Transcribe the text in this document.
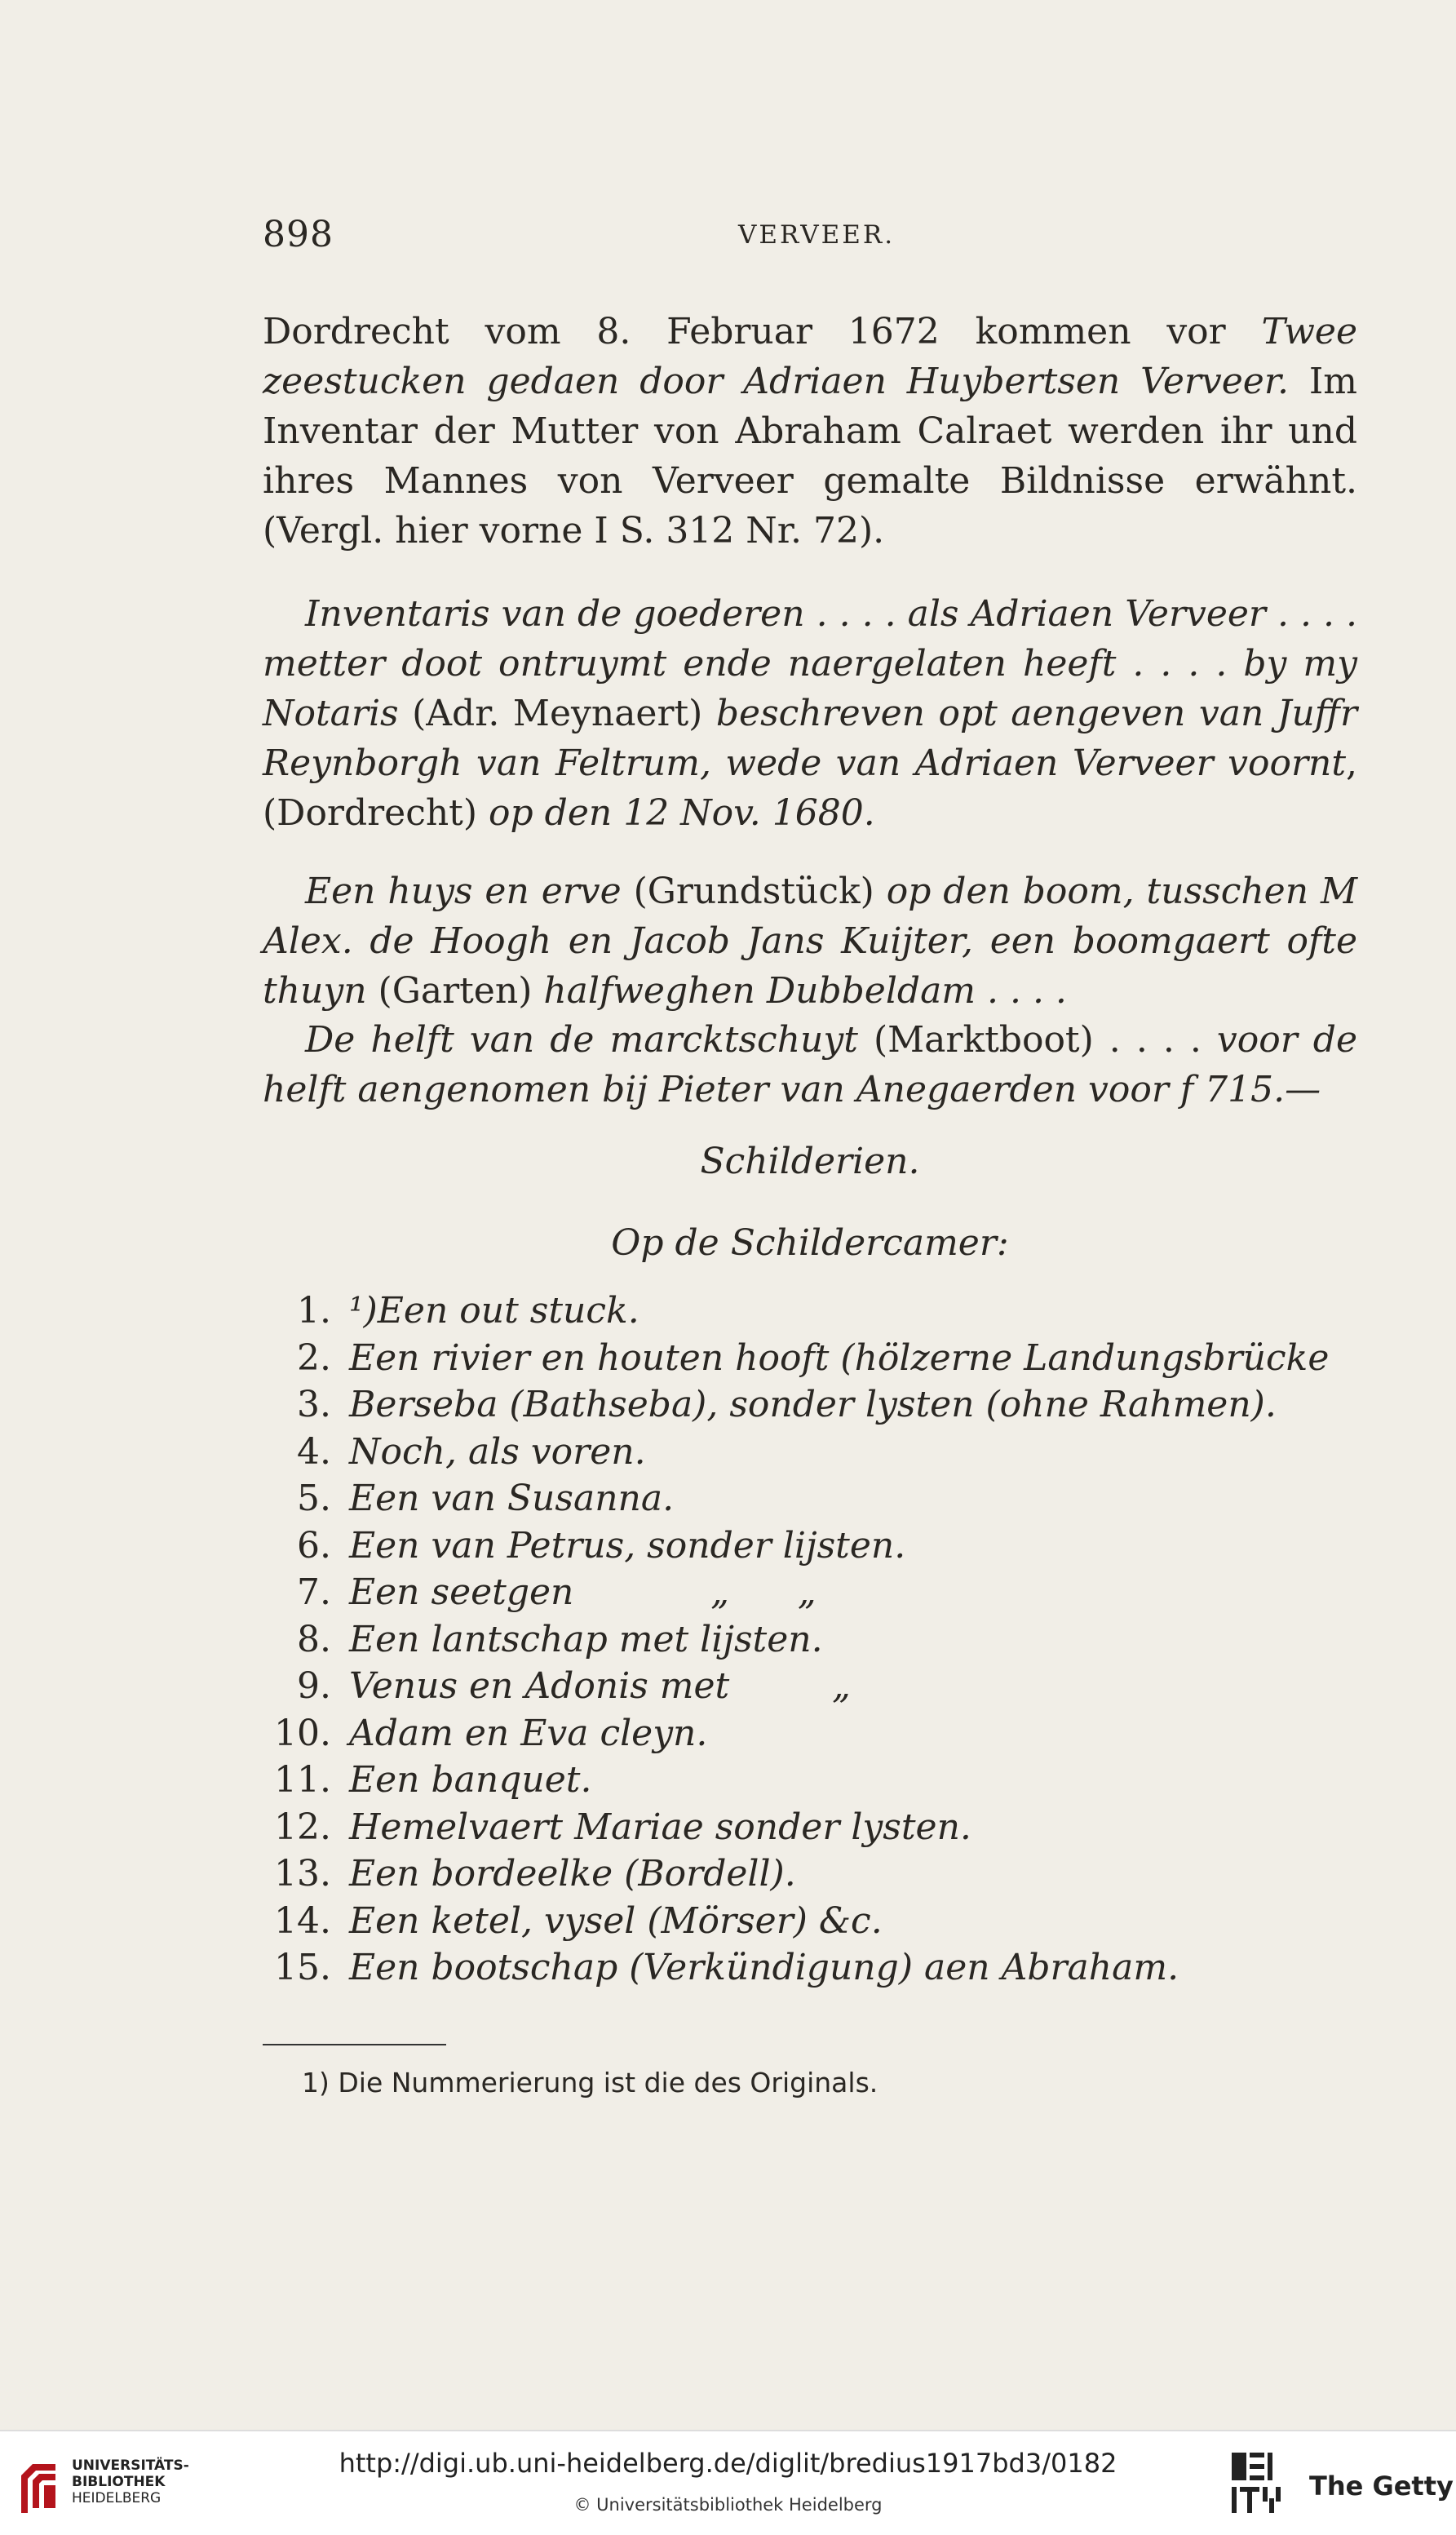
898	VERVEER.

Dordrecht vom 8. Februar 1672 kommen vor Twee zeestucken gedaen door Adriaen Huybertsen Verveer. Im Inventar der Mutter von Abraham Calraet werden ihr und ihres Mannes von Verveer gemalte Bildnisse erwähnt. (Vergl. hier vorne I S. 312 Nr. 72).

Inventaris van de goederen . . . . als Adriaen Verveer . . . . metter doot ontruymt ende naergelaten heeft . . . . by my Notaris (Adr. Meynaert) beschreven opt aengeven van Juffr Reynborgh van Feltrum, wede van Adriaen Verveer voornt, (Dordrecht) op den 12 Nov. 1680.

Een huys en erve (Grundstück) op den boom, tusschen M Alex. de Hoogh en Jacob Jans Kuijter, een boomgaert ofte thuyn (Garten) halfweghen Dubbeldam . . . .

De helft van de marcktschuyt (Marktboot) . . . . voor de helft aengenomen bij Pieter van Anegaerden voor f 715.—

Schilderien.
Op de Schildercamer:
1. ¹)Een out stuck.
2. Een rivier en houten hooft (hölzerne Landungsbrücke
3. Berseba (Bathseba), sonder lysten (ohne Rahmen).
4. Noch, als voren.
5. Een van Susanna.
6. Een van Petrus, sonder lijsten.
7. Een seetgen            „      „
8. Een lantschap met lijsten.
9. Venus en Adonis met         „
10. Adam en Eva cleyn.
11. Een banquet.
12. Hemelvaert Mariae sonder lysten.
13. Een bordeelke (Bordell).
14. Een ketel, vysel (Mörser) &c.
15. Een bootschap (Verkündigung) aen Abraham.
1) Die Nummerierung ist die des Originals.
UNIVERSITÄTS-
BIBLIOTHEK
HEIDELBERG
http://digi.ub.uni-heidelberg.de/diglit/bredius1917bd3/0182
© Universitätsbibliothek Heidelberg
The Getty
